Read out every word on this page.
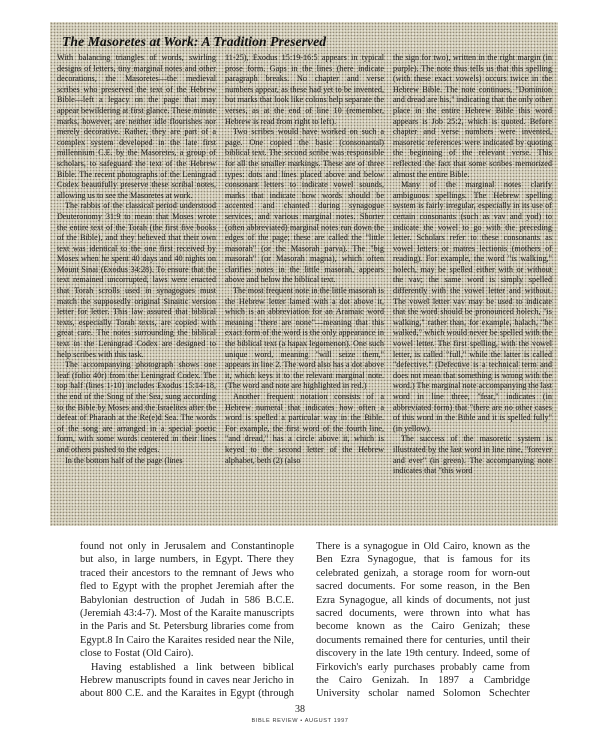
The Masoretes at Work: A Tradition Preserved

With balancing triangles of words, swirling designs of letters, tiny marginal notes and other decorations, the Masoretes—the medieval scribes who preserved the text of the Hebrew Bible—left a legacy on the page that may appear bewildering at first glance. These minute marks, however, are neither idle flourishes nor merely decorative. Rather, they are part of a complex system developed in the late first millennium C.E. by the Masoretes, a group of scholars, to safeguard the text of the Hebrew Bible. The recent photographs of the Leningrad Codex beautifully preserve these scribal notes, allowing us to see the Masoretes at work.

The rabbis of the classical period understood Deuteronomy 31:9 to mean that Moses wrote the entire text of the Torah (the first five books of the Bible), and they believed that their own text was identical to the one first received by Moses when he spent 40 days and 40 nights on Mount Sinai (Exodus 34:28). To ensure that the text remained uncorrupted, laws were enacted that Torah scrolls used in synagogues must match the supposedly original Sinaitic version letter for letter. This law assured that biblical texts, especially Torah texts, are copied with great care. The notes surrounding the biblical text in the Leningrad Codex are designed to help scribes with this task.

The accompanying photograph shows one leaf (folio 40r) from the Leningrad Codex. The top half (lines 1-10) includes Exodus 15:14-18, the end of the Song of the Sea, sung according to the Bible by Moses and the Israelites after the defeat of Pharaoh at the Re(e)d Sea. The words of the song are arranged in a special poetic form, with some words centered in their lines and others pushed to the edges.

In the bottom half of the page (lines

11-25), Exodus 15:19-16:5 appears in typical prose form. Gaps in the lines (here indicate paragraph breaks. No chapter and verse numbers appear, as these had yet to be invented, but marks that look like colons help separate the verses, as at the end of line 10 (remember, Hebrew is read from right to left).

Two scribes would have worked on such a page. One copied the basic (consonantal) biblical text. The second scribe was responsible for all the smaller markings. These are of three types: dots and lines placed above and below consonant letters to indicate vowel sounds, marks that indicate how words should be accented and chanted during synagogue services, and various marginal notes. Shorter (often abbreviated) marginal notes run down the edges of the page; these are called the "little masorah" (or the Masorah parva). The "big masorah" (or Masorah magna), which often clarifies notes in the little masorah, appears above and below the biblical text.

The most frequent note in the little masorah is the Hebrew letter lamed with a dot above it, which is an abbreviation for an Aramaic word meaning "there are none"—meaning that this exact form of the word is the only appearance in the biblical text (a hapax legomenon). One such unique word, meaning "will seize them," appears in line 2. The word also has a dot above it, which keys it to the relevant marginal note. (The word and note are highlighted in red.)

Another frequent notation consists of a Hebrew numeral that indicates how often a word is spelled a particular way in the Bible. For example, the first word of the fourth line, "and dread," has a circle above it, which is keyed to the second letter of the Hebrew alphabet, beth (2) (also

the sign for two), written in the right margin (in purple). The note thus tells us that this spelling (with these exact vowels) occurs twice in the Hebrew Bible. The note continues, "Dominion and dread are his," indicating that the only other place in the entire Hebrew Bible this word appears is Job 25:2, which is quoted. Before chapter and verse numbers were invented, masoretic references were indicated by quoting the beginning of the relevant verse. This reflected the fact that some scribes memorized almost the entire Bible.

Many of the marginal notes clarify ambiguous spellings. The Hebrew spelling system is fairly irregular, especially in its use of certain consonants (such as vav and yod) to indicate the vowel to go with the preceding letter. Scholars refer to these consonants as vowel letters or matres lectionis (mothers of reading). For example, the word "is walking," holech, may be spelled either with or without the vav; the same word is simply spelled differently with the vowel letter and without. The vowel letter vav may be used to indicate that the word should be pronounced holech, "is walking," rather than, for example, halach, "he walked," which would never be spelled with the vowel letter. The first spelling, with the vowel letter, is called "full," while the latter is called "defective." (Defective is a technical term and does not mean that something is wrong with the word.) The marginal note accompanying the last word in line three, "fear," indicates (in abbreviated form) that "there are no other cases of this word in the Bible and it is spelled fully" (in yellow).

The success of the masoretic system is illustrated by the last word in line nine, "forever and ever" (in green). The accompanying note indicates that "this word

found not only in Jerusalem and Constantinople but also, in large numbers, in Egypt. There they traced their ancestors to the remnant of Jews who fled to Egypt with the prophet Jeremiah after the Babylonian destruction of Judah in 586 B.C.E. (Jeremiah 43:4-7). Most of the Karaite manuscripts in the Paris and St. Petersburg libraries come from Egypt.8 In Cairo the Karaites resided near the Nile, close to Fostat (Old Cairo).

Having established a link between biblical Hebrew manuscripts found in caves near Jericho in about 800 C.E. and the Karaites in Egypt (through

There is a synagogue in Old Cairo, known as the Ben Ezra Synagogue, that is famous for its celebrated genizah, a storage room for worn-out sacred documents. For some reason, in the Ben Ezra Synagogue, all kinds of documents, not just sacred documents, were thrown into what has become known as the Cairo Genizah; these documents remained there for centuries, until their discovery in the late 19th century. Indeed, some of Firkovich's early purchases probably came from the Cairo Genizah. In 1897 a Cambridge University scholar named Solomon Schechter

38
BIBLE REVIEW • AUGUST 1997
